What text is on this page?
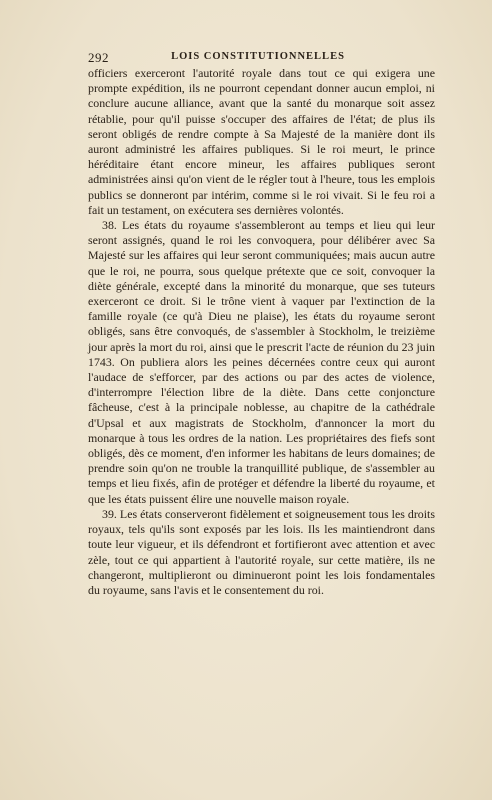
292	LOIS CONSTITUTIONNELLES

officiers exerceront l'autorité royale dans tout ce qui exigera une prompte expédition, ils ne pourront cependant donner aucun emploi, ni conclure aucune alliance, avant que la santé du monarque soit assez rétablie, pour qu'il puisse s'occuper des affaires de l'état; de plus ils seront obligés de rendre compte à Sa Majesté de la manière dont ils auront administré les affaires publiques. Si le roi meurt, le prince héréditaire étant encore mineur, les affaires publiques seront administrées ainsi qu'on vient de le régler tout à l'heure, tous les emplois publics se donneront par intérim, comme si le roi vivait. Si le feu roi a fait un testament, on exécutera ses dernières volontés.

38. Les états du royaume s'assembleront au temps et lieu qui leur seront assignés, quand le roi les convoquera, pour délibérer avec Sa Majesté sur les affaires qui leur seront communiquées; mais aucun autre que le roi, ne pourra, sous quelque prétexte que ce soit, convoquer la diète générale, excepté dans la minorité du monarque, que ses tuteurs exerceront ce droit. Si le trône vient à vaquer par l'extinction de la famille royale (ce qu'à Dieu ne plaise), les états du royaume seront obligés, sans être convoqués, de s'assembler à Stockholm, le treizième jour après la mort du roi, ainsi que le prescrit l'acte de réunion du 23 juin 1743. On publiera alors les peines décernées contre ceux qui auront l'audace de s'efforcer, par des actions ou par des actes de violence, d'interrompre l'élection libre de la diète. Dans cette conjoncture fâcheuse, c'est à la principale noblesse, au chapitre de la cathédrale d'Upsal et aux magistrats de Stockholm, d'annoncer la mort du monarque à tous les ordres de la nation. Les propriétaires des fiefs sont obligés, dès ce moment, d'en informer les habitans de leurs domaines; de prendre soin qu'on ne trouble la tranquillité publique, de s'assembler au temps et lieu fixés, afin de protéger et défendre la liberté du royaume, et que les états puissent élire une nouvelle maison royale.

39. Les états conserveront fidèlement et soigneusement tous les droits royaux, tels qu'ils sont exposés par les lois. Ils les maintiendront dans toute leur vigueur, et ils défendront et fortifieront avec attention et avec zèle, tout ce qui appartient à l'autorité royale, sur cette matière, ils ne changeront, multiplieront ou diminueront point les lois fondamentales du royaume, sans l'avis et le consentement du roi.
